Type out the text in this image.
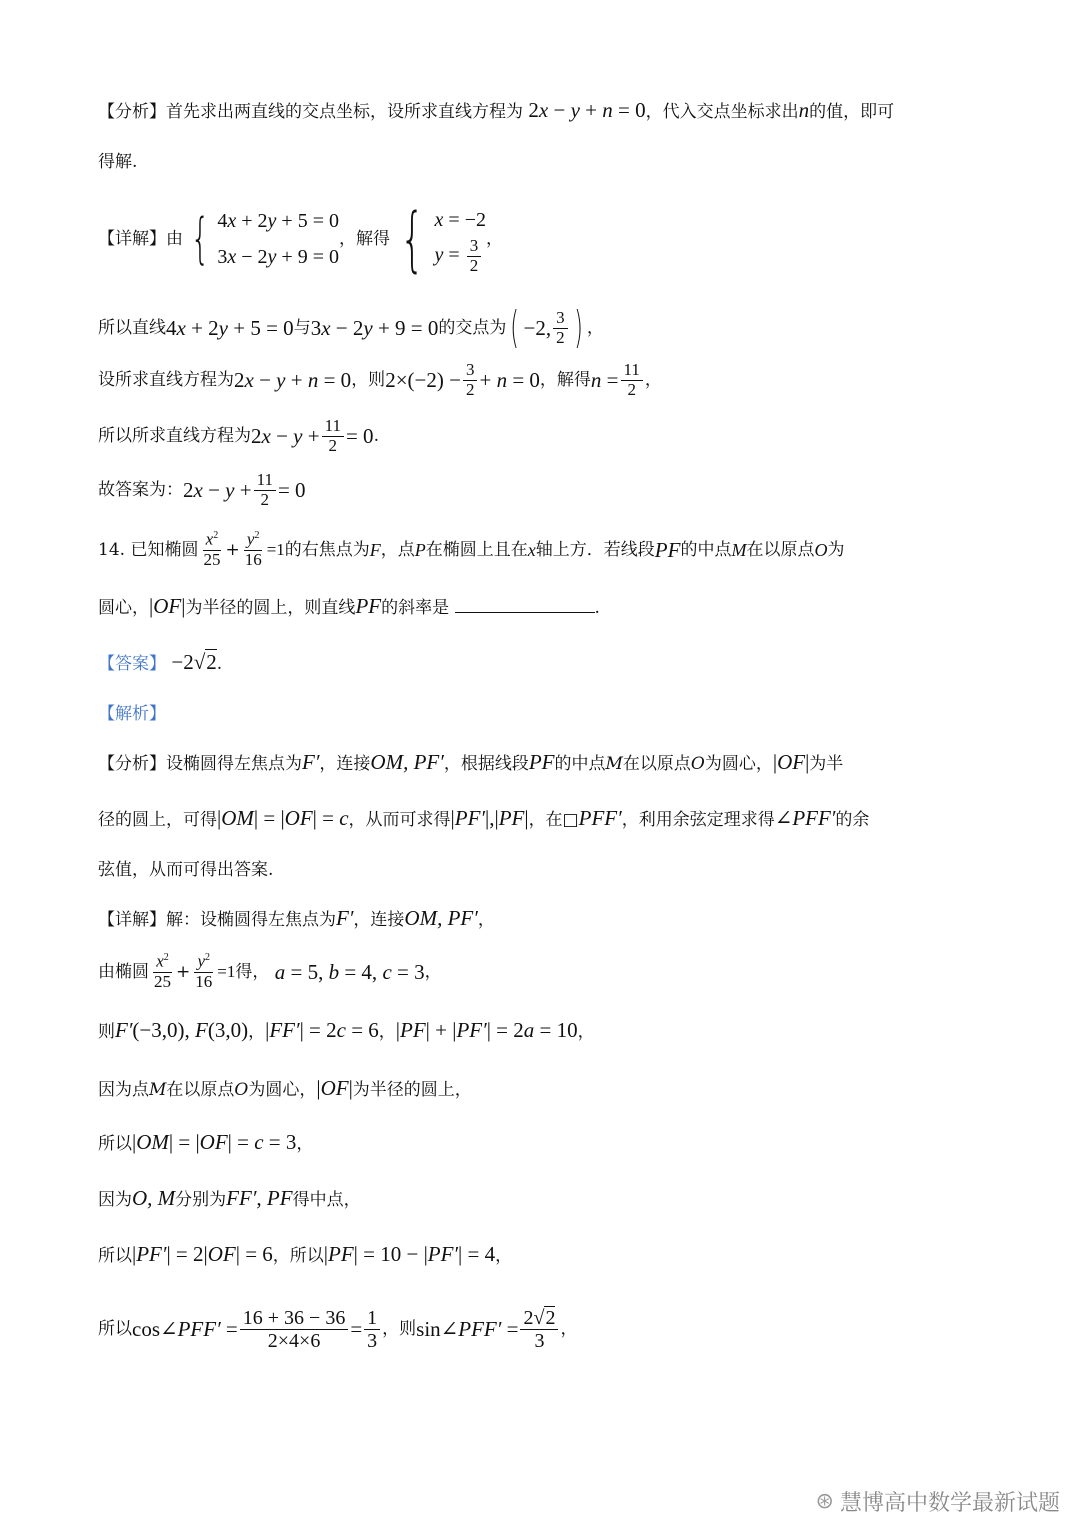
【分析】首先求出两直线的交点坐标，设所求直线方程为 2x − y + n = 0，代入交点坐标求出n的值，即可
得解.
【详解】 由 { 4x + 2y + 5 = 0
3x − 2y + 9 = 0
，解得 { x = −2
$y = \frac{3}{2}$ ，
所以直线 4x + 2y + 5 = 0 与 3x − 2y + 9 = 0 的交点为 ( −2, 3
2 ) ，
设所求直线方程为 2x − y + n = 0 ，则 $2\times(-2) - \frac{3}{2} + n = 0$ ，解得 $n = \frac{11}{2}$ ，
所以所求直线方程为 $2x - y + \frac{11}{2} = 0$ .
故答案为： $2x - y + \frac{11}{2} = 0$
14.
已知椭圆
$x^2$
$25 + \frac{y^2}{16} =1$ 的右焦点为 F ，点 P 在椭圆上且在 x 轴上方．若线段 PF 的中点 M 在以原点 O 为
圆心，|OF|为半径的圆上，则直线PF的斜率是	.
【答案】 −2√2.
【解析】
【分析】设椭圆得左焦点为F′，连接OM, PF′，根据线段PF的中点M在以原点O为圆心，|OF|为半
径的圆上，可得|OM| = |OF| = c，从而可求得|PF′|,|PF|，在□PFF′，利用余弦定理求得∠PFF′的余
弦值，从而可得出答案.
【详解】解：设椭圆得左焦点为F′，连接OM, PF′，
由椭圆
$x^2$
$25 + \frac{y^2}{16} =1$ 得，
a = 5, b = 4, c = 3 ，
则F′(−3,0), F(3,0)，|FF′| = 2c = 6，|PF| + |PF′| = 2a = 10，
因为点M在以原点O为圆心，|OF|为半径的圆上，
所以|OM| = |OF| = c = 3，
因为O, M分别为FF′, PF得中点，
所以|PF′| = 2|OF| = 6，所以|PF| = 10 − |PF′| = 4，
所以 cos∠PFF′ = $\frac{16 + 36 - 36}{2\times 4\times 6} = \frac{1}{3}$ ，则 sin∠PFF′ = $\frac{2√2}{3}$ ，
⊛ 慧博高中数学最新试题
